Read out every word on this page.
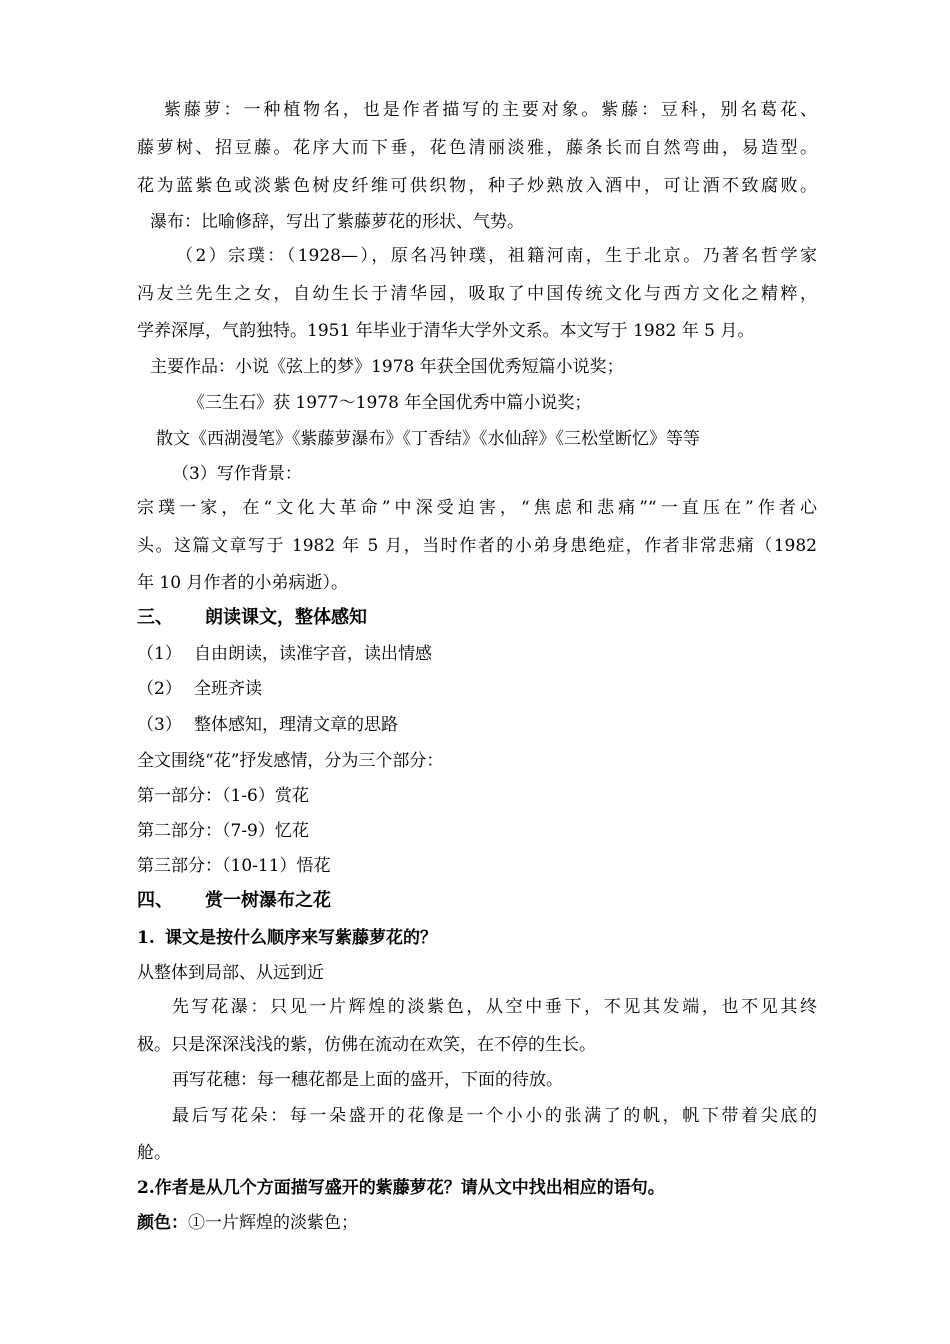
紫藤萝：一种植物名，也是作者描写的主要对象。紫藤：豆科，别名葛花、
藤萝树、招豆藤。花序大而下垂，花色清丽淡雅，藤条长而自然弯曲，易造型。
花为蓝紫色或淡紫色树皮纤维可供织物，种子炒熟放入酒中，可让酒不致腐败。
瀑布：比喻修辞，写出了紫藤萝花的形状、气势。
（2）宗璞：（1928—），原名冯钟璞，祖籍河南，生于北京。乃著名哲学家
冯友兰先生之女，自幼生长于清华园，吸取了中国传统文化与西方文化之精粹，
学养深厚，气韵独特。1951 年毕业于清华大学外文系。本文写于 1982 年 5 月。
主要作品：小说《弦上的梦》1978 年获全国优秀短篇小说奖；
《三生石》获 1977～1978 年全国优秀中篇小说奖；
散文《西湖漫笔》《紫藤萝瀑布》《丁香结》《水仙辞》《三松堂断忆》等等
（3）写作背景：
宗璞一家，在“文化大革命”中深受迫害，“焦虑和悲痛”“一直压在”作者心
头。这篇文章写于 1982 年 5 月，当时作者的小弟身患绝症，作者非常悲痛（1982
年 10 月作者的小弟病逝）。
三、 朗读课文，整体感知
（1） 自由朗读，读准字音，读出情感
（2） 全班齐读
（3） 整体感知，理清文章的思路
全文围绕“花”抒发感情，分为三个部分：
第一部分：（1-6）赏花
第二部分：（7-9）忆花
第三部分：（10-11）悟花
四、 赏一树瀑布之花
1. 课文是按什么顺序来写紫藤萝花的？
从整体到局部、从远到近
先写花瀑：只见一片辉煌的淡紫色，从空中垂下，不见其发端，也不见其终
极。只是深深浅浅的紫，仿佛在流动在欢笑，在不停的生长。
再写花穗：每一穗花都是上面的盛开，下面的待放。
最后写花朵：每一朵盛开的花像是一个小小的张满了的帆，帆下带着尖底的
舱。
2.作者是从几个方面描写盛开的紫藤萝花？请从文中找出相应的语句。
颜色：①一片辉煌的淡紫色；
